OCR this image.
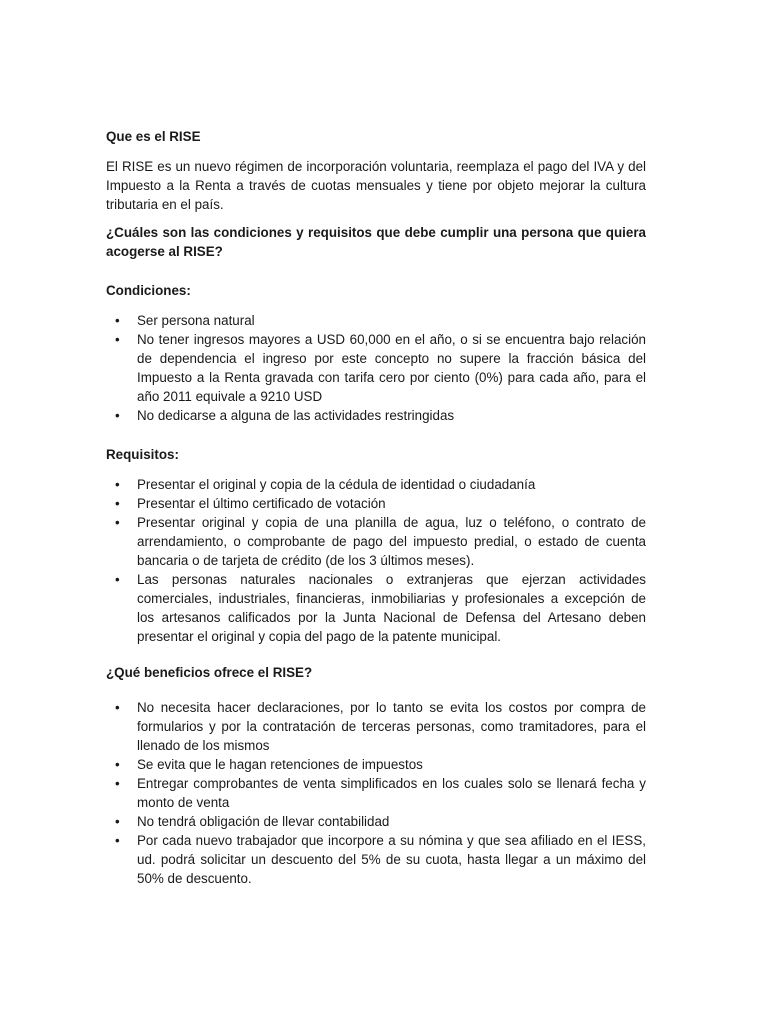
Que es el RISE

El RISE es un nuevo régimen de incorporación voluntaria, reemplaza el pago del IVA y del Impuesto a la Renta a través de cuotas mensuales y tiene por objeto mejorar la cultura tributaria en el país.

¿Cuáles son las condiciones y requisitos que debe cumplir una persona que quiera acogerse al RISE?

Condiciones:

• Ser persona natural
• No tener ingresos mayores a USD 60,000 en el año, o si se encuentra bajo relación de dependencia el ingreso por este concepto no supere la fracción básica del Impuesto a la Renta gravada con tarifa cero por ciento (0%) para cada año, para el año 2011 equivale a 9210 USD
• No dedicarse a alguna de las actividades restringidas

Requisitos:

• Presentar el original y copia de la cédula de identidad o ciudadanía
• Presentar el último certificado de votación
• Presentar original y copia de una planilla de agua, luz o teléfono, o contrato de arrendamiento, o comprobante de pago del impuesto predial, o estado de cuenta bancaria o de tarjeta de crédito (de los 3 últimos meses).
• Las personas naturales nacionales o extranjeras que ejerzan actividades comerciales, industriales, financieras, inmobiliarias y profesionales a excepción de los artesanos calificados por la Junta Nacional de Defensa del Artesano deben presentar el original y copia del pago de la patente municipal.

¿Qué beneficios ofrece el RISE?

• No necesita hacer declaraciones, por lo tanto se evita los costos por compra de formularios y por la contratación de terceras personas, como tramitadores, para el llenado de los mismos
• Se evita que le hagan retenciones de impuestos
• Entregar comprobantes de venta simplificados en los cuales solo se llenará fecha y monto de venta
• No tendrá obligación de llevar contabilidad
• Por cada nuevo trabajador que incorpore a su nómina y que sea afiliado en el IESS, ud. podrá solicitar un descuento del 5% de su cuota, hasta llegar a un máximo del 50% de descuento.
